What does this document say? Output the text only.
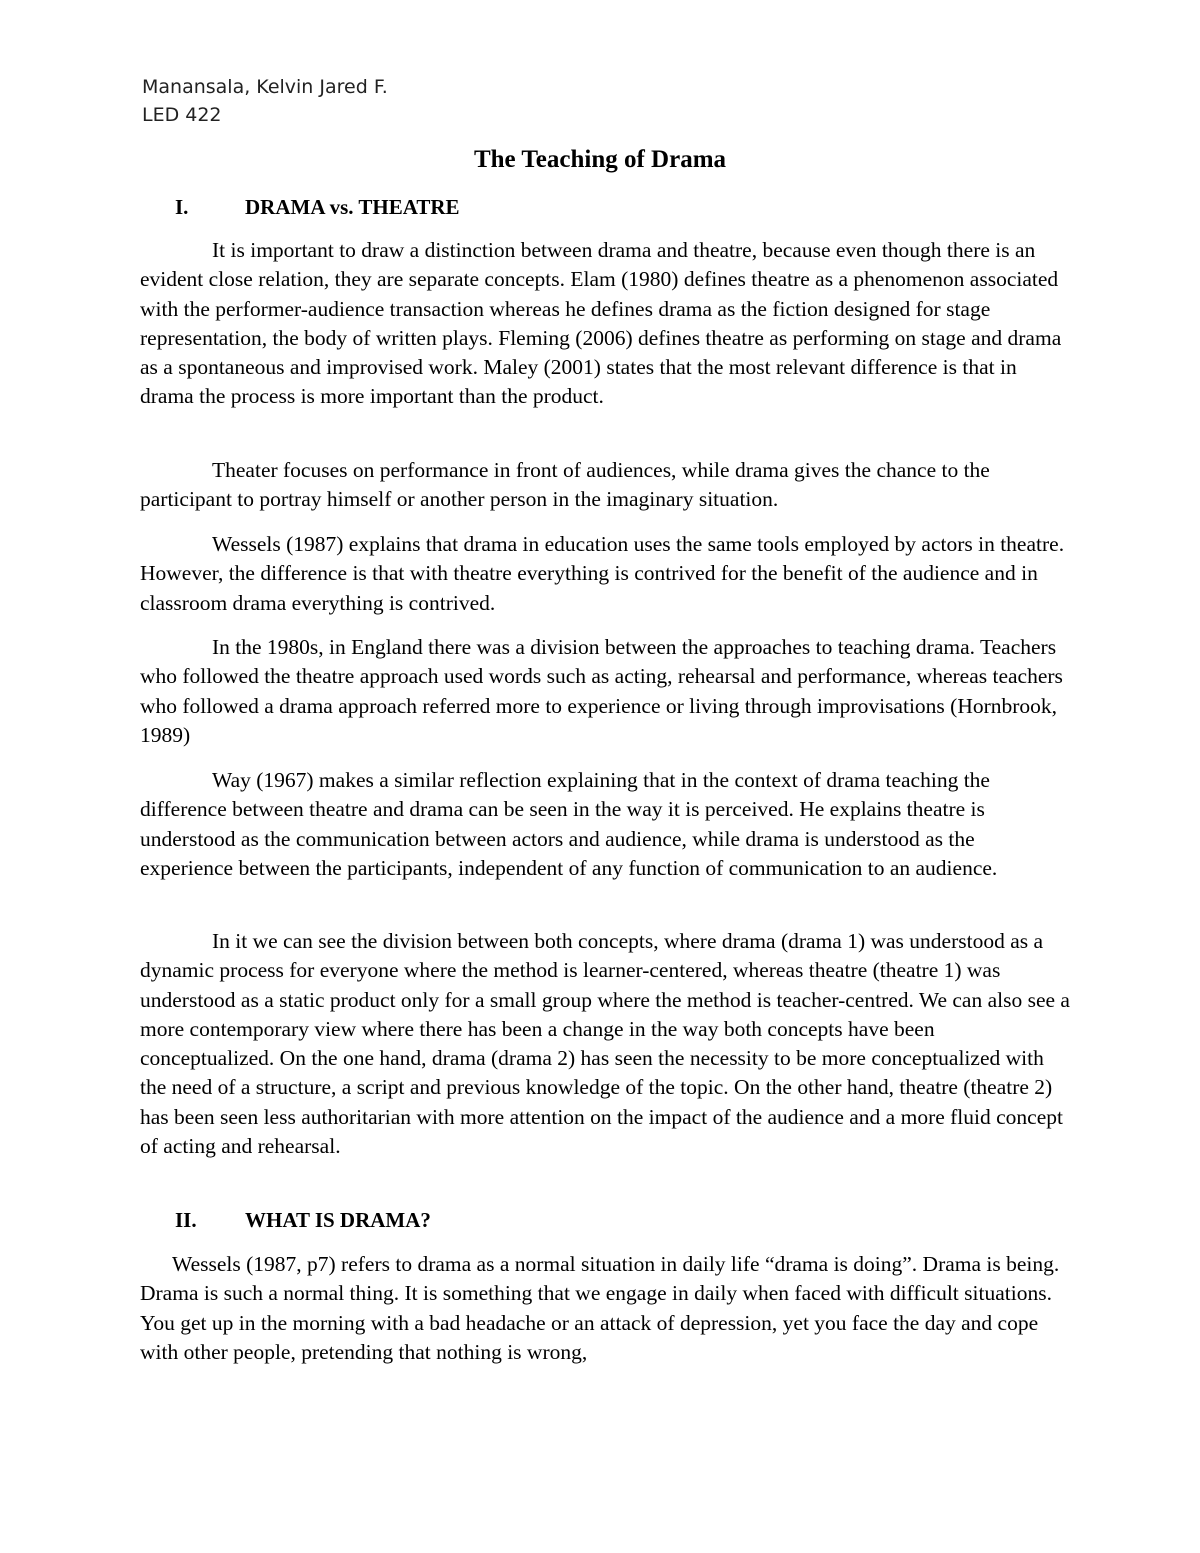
Manansala, Kelvin Jared F.
LED 422
The Teaching of Drama
I.	DRAMA vs. THEATRE

It is important to draw a distinction between drama and theatre, because even though there is an evident close relation, they are separate concepts. Elam (1980) defines theatre as a phenomenon associated with the performer-audience transaction whereas he defines drama as the fiction designed for stage representation, the body of written plays. Fleming (2006) defines theatre as performing on stage and drama as a spontaneous and improvised work. Maley (2001) states that the most relevant difference is that in drama the process is more important than the product.

Theater focuses on performance in front of audiences, while drama gives the chance to the participant to portray himself or another person in the imaginary situation.

Wessels (1987) explains that drama in education uses the same tools employed by actors in theatre. However, the difference is that with theatre everything is contrived for the benefit of the audience and in classroom drama everything is contrived.

In the 1980s, in England there was a division between the approaches to teaching drama. Teachers who followed the theatre approach used words such as acting, rehearsal and performance, whereas teachers who followed a drama approach referred more to experience or living through improvisations (Hornbrook, 1989)

Way (1967) makes a similar reflection explaining that in the context of drama teaching the difference between theatre and drama can be seen in the way it is perceived. He explains theatre is understood as the communication between actors and audience, while drama is understood as the experience between the participants, independent of any function of communication to an audience.

In it we can see the division between both concepts, where drama (drama 1) was understood as a dynamic process for everyone where the method is learner-centered, whereas theatre (theatre 1) was understood as a static product only for a small group where the method is teacher-centred. We can also see a more contemporary view where there has been a change in the way both concepts have been conceptualized. On the one hand, drama (drama 2) has seen the necessity to be more conceptualized with the need of a structure, a script and previous knowledge of the topic. On the other hand, theatre (theatre 2) has been seen less authoritarian with more attention on the impact of the audience and a more fluid concept of acting and rehearsal.

II. WHAT IS DRAMA?

Wessels (1987, p7) refers to drama as a normal situation in daily life “drama is doing”. Drama is being. Drama is such a normal thing. It is something that we engage in daily when faced with difficult situations. You get up in the morning with a bad headache or an attack of depression, yet you face the day and cope with other people, pretending that nothing is wrong,
